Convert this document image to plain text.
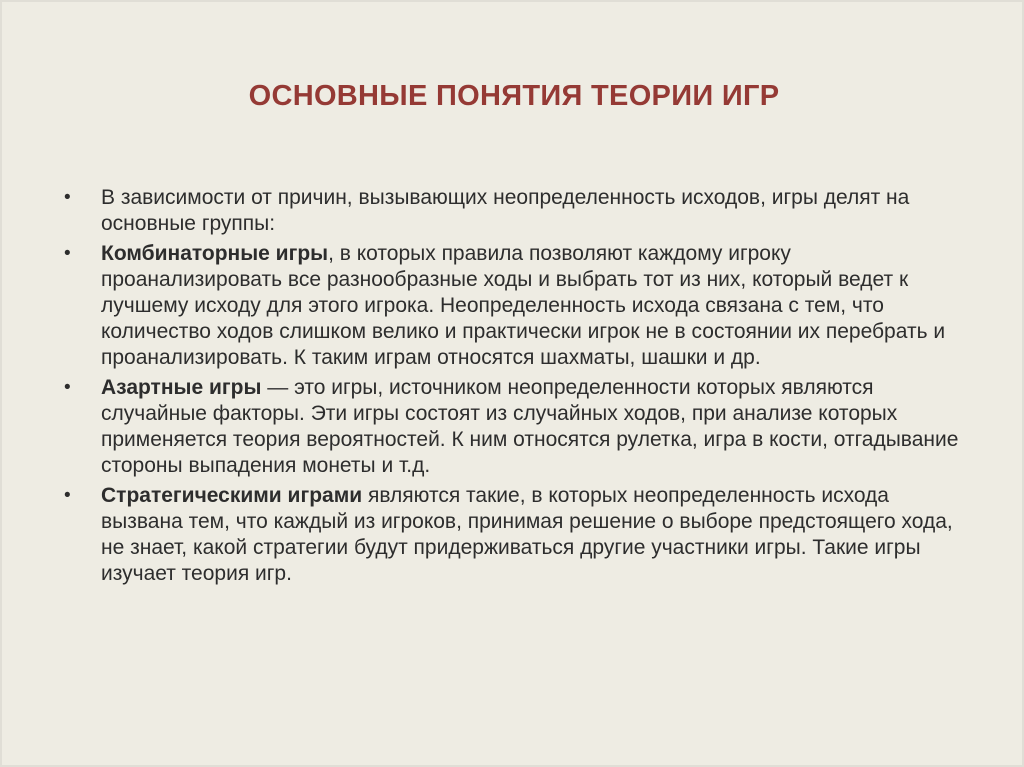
ОСНОВНЫЕ ПОНЯТИЯ ТЕОРИИ ИГР
•	В зависимости от причин, вызывающих неопределенность исходов, игры делят на основные группы:
•	Комбинаторные игры, в которых правила позволяют каждому игроку проанализировать все разнообразные ходы и выбрать тот из них, который ведет к лучшему исходу для этого игрока. Неопределенность исхода связана с тем, что количество ходов слишком велико и практически игрок не в состоянии их перебрать и проанализировать. К таким играм относятся шахматы, шашки и др.
•	Азартные игры — это игры, источником неопределенности которых являются случайные факторы. Эти игры состоят из случайных ходов, при анализе которых применяется теория вероятностей. К ним относятся рулетка, игра в кости, отгадывание стороны выпадения монеты и т.д.
•	Стратегическими играми являются такие, в которых неопределенность исхода вызвана тем, что каждый из игроков, принимая решение о выборе предстоящего хода, не знает, какой стратегии будут придерживаться другие участники игры. Такие игры изучает теория игр.
